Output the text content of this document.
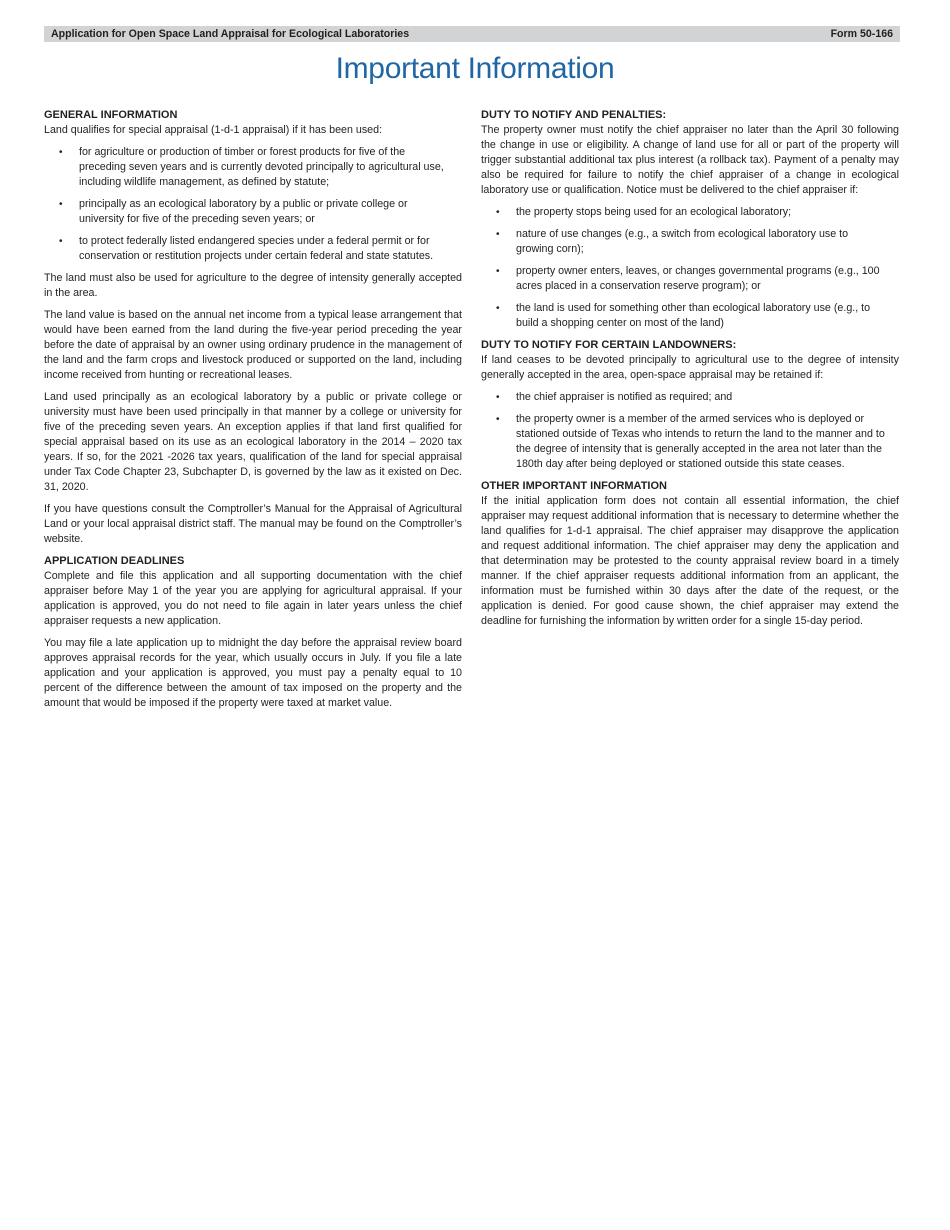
Application for Open Space Land Appraisal for Ecological Laboratories	Form 50-166
Important Information
GENERAL INFORMATION

Land qualifies for special appraisal (1-d-1 appraisal) if it has been used:

• for agriculture or production of timber or forest products for five of the preceding seven years and is currently devoted principally to agricultural use, including wildlife management, as defined by statute;
• principally as an ecological laboratory by a public or private college or university for five of the preceding seven years; or
• to protect federally listed endangered species under a federal permit or for conservation or restitution projects under certain federal and state statutes.

The land must also be used for agriculture to the degree of intensity generally accepted in the area.

The land value is based on the annual net income from a typical lease arrangement that would have been earned from the land during the five-year period preceding the year before the date of appraisal by an owner using ordinary prudence in the management of the land and the farm crops and livestock produced or supported on the land, including income received from hunting or recreational leases.

Land used principally as an ecological laboratory by a public or private college or university must have been used principally in that manner by a college or university for five of the preceding seven years. An exception applies if that land first qualified for special appraisal based on its use as an ecological laboratory in the 2014 – 2020 tax years. If so, for the 2021 -2026 tax years, qualification of the land for special appraisal under Tax Code Chapter 23, Subchapter D, is governed by the law as it existed on Dec. 31, 2020.

If you have questions consult the Comptroller’s Manual for the Appraisal of Agricultural Land or your local appraisal district staff. The manual may be found on the Comptroller’s website.

APPLICATION DEADLINES

Complete and file this application and all supporting documentation with the chief appraiser before May 1 of the year you are applying for agricultural appraisal. If your application is approved, you do not need to file again in later years unless the chief appraiser requests a new application.

You may file a late application up to midnight the day before the appraisal review board approves appraisal records for the year, which usually occurs in July. If you file a late application and your application is approved, you must pay a penalty equal to 10 percent of the difference between the amount of tax imposed on the property and the amount that would be imposed if the property were taxed at market value.

DUTY TO NOTIFY AND PENALTIES:

The property owner must notify the chief appraiser no later than the April 30 following the change in use or eligibility. A change of land use for all or part of the property will trigger substantial additional tax plus interest (a rollback tax). Payment of a penalty may also be required for failure to notify the chief appraiser of a change in ecological laboratory use or qualification. Notice must be delivered to the chief appraiser if:

• the property stops being used for an ecological laboratory;
• nature of use changes (e.g., a switch from ecological laboratory use to growing corn);
• property owner enters, leaves, or changes governmental programs (e.g., 100 acres placed in a conservation reserve program); or
• the land is used for something other than ecological laboratory use (e.g., to build a shopping center on most of the land)
DUTY TO NOTIFY FOR CERTAIN LANDOWNERS:

If land ceases to be devoted principally to agricultural use to the degree of intensity generally accepted in the area, open-space appraisal may be retained if:

• the chief appraiser is notified as required; and
• the property owner is a member of the armed services who is deployed or stationed outside of Texas who intends to return the land to the manner and to the degree of intensity that is generally accepted in the area not later than the 180th day after being deployed or stationed outside this state ceases.
OTHER IMPORTANT INFORMATION

If the initial application form does not contain all essential information, the chief appraiser may request additional information that is necessary to determine whether the land qualifies for 1-d-1 appraisal. The chief appraiser may disapprove the application and request additional information. The chief appraiser may deny the application and that determination may be protested to the county appraisal review board in a timely manner. If the chief appraiser requests additional information from an applicant, the information must be furnished within 30 days after the date of the request, or the application is denied. For good cause shown, the chief appraiser may extend the deadline for furnishing the information by written order for a single 15-day period.
